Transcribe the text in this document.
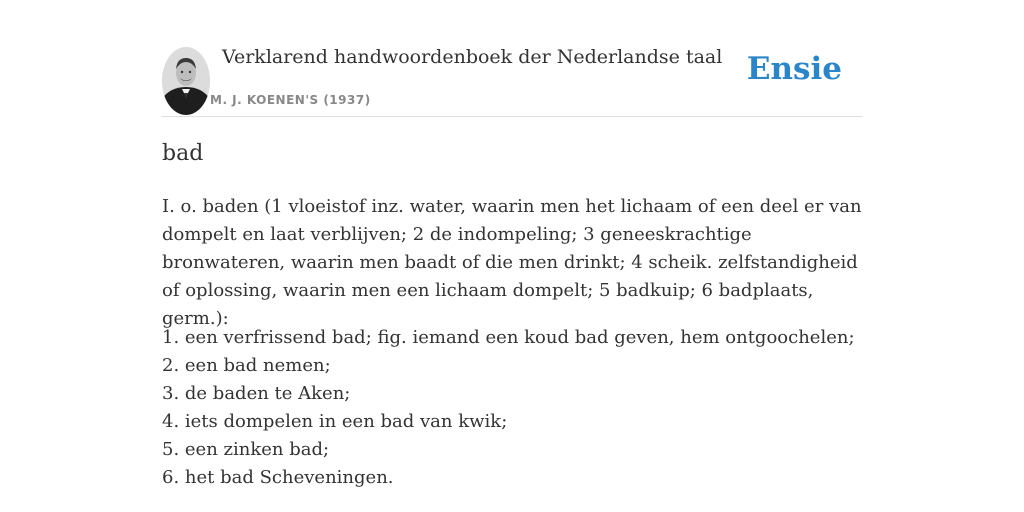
Verklarend handwoordenboek der Nederlandse taal
M. J. KOENEN'S (1937)
Ensie
bad

I. o. baden (1 vloeistof inz. water, waarin men het lichaam of een deel er van dompelt en laat verblijven; 2 de indompeling; 3 geneeskrachtige bronwateren, waarin men baadt of die men drinkt; 4 scheik. zelfstandigheid of oplossing, waarin men een lichaam dompelt; 5 badkuip; 6 badplaats, germ.):

1. een verfrissend bad; fig. iemand een koud bad geven, hem ontgoochelen;
2. een bad nemen;
3. de baden te Aken;
4. iets dompelen in een bad van kwik;
5. een zinken bad;
6. het bad Scheveningen.
